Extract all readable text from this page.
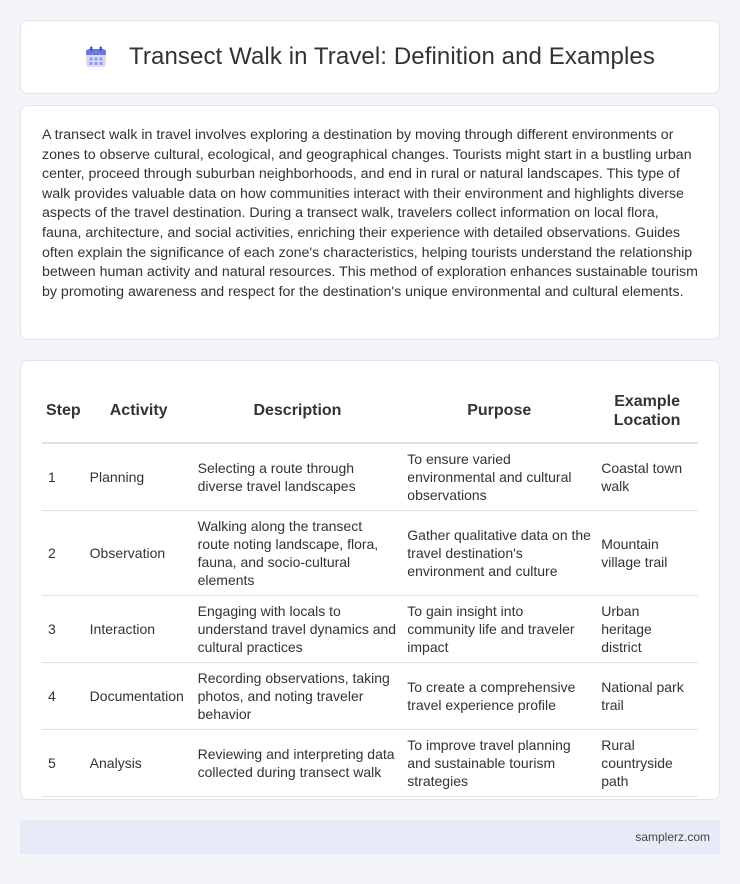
Transect Walk in Travel: Definition and Examples

A transect walk in travel involves exploring a destination by moving through different environments or zones to observe cultural, ecological, and geographical changes. Tourists might start in a bustling urban center, proceed through suburban neighborhoods, and end in rural or natural landscapes. This type of walk provides valuable data on how communities interact with their environment and highlights diverse aspects of the travel destination. During a transect walk, travelers collect information on local flora, fauna, architecture, and social activities, enriching their experience with detailed observations. Guides often explain the significance of each zone's characteristics, helping tourists understand the relationship between human activity and natural resources. This method of exploration enhances sustainable tourism by promoting awareness and respect for the destination's unique environmental and cultural elements.

Step	Activity	Description	Purpose	Example Location
1	Planning	Selecting a route through diverse travel landscapes	To ensure varied environmental and cultural observations	Coastal town walk
2	Observation	Walking along the transect route noting landscape, flora, fauna, and socio-cultural elements	Gather qualitative data on the travel destination's environment and culture	Mountain village trail
3	Interaction	Engaging with locals to understand travel dynamics and cultural practices	To gain insight into community life and traveler impact	Urban heritage district
4	Documentation	Recording observations, taking photos, and noting traveler behavior	To create a comprehensive travel experience profile	National park trail
5	Analysis	Reviewing and interpreting data collected during transect walk	To improve travel planning and sustainable tourism strategies	Rural countryside path
samplerz.com
